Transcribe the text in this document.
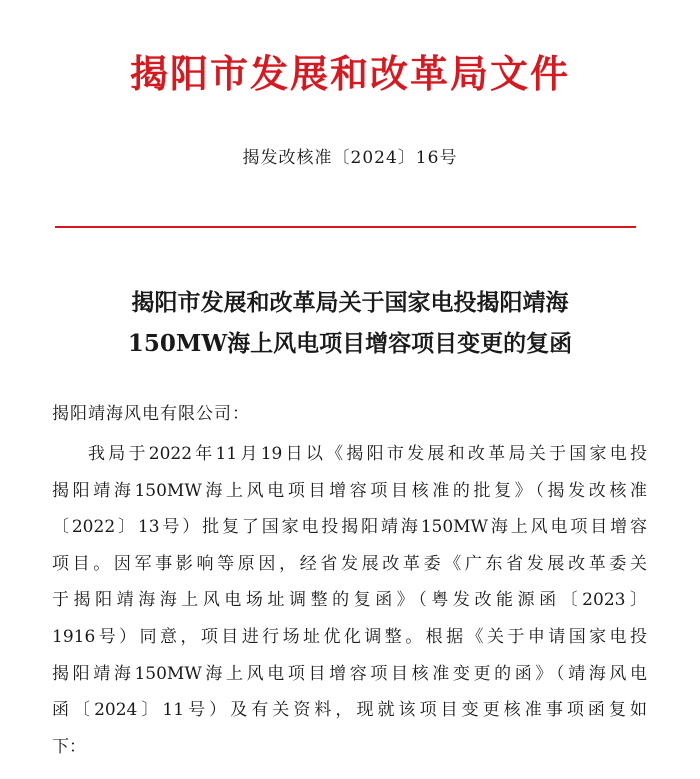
揭阳市发展和改革局文件
揭发改核准〔2024〕16号
揭阳市发展和改革局关于国家电投揭阳靖海
150MW海上风电项目增容项目变更的复函
揭阳靖海风电有限公司：
我局于2022年11月19日以《揭阳市发展和改革局关于国家电投
揭阳靖海150MW海上风电项目增容项目核准的批复》（揭发改核准
〔2022〕13号）批复了国家电投揭阳靖海150MW海上风电项目增容
项目。因军事影响等原因，经省发展改革委《广东省发展改革委关
于揭阳靖海海上风电场址调整的复函》（粤发改能源函〔2023〕
1916号）同意，项目进行场址优化调整。根据《关于申请国家电投
揭阳靖海150MW海上风电项目增容项目核准变更的函》（靖海风电
函〔2024〕11号）及有关资料，现就该项目变更核准事项函复如
下：
